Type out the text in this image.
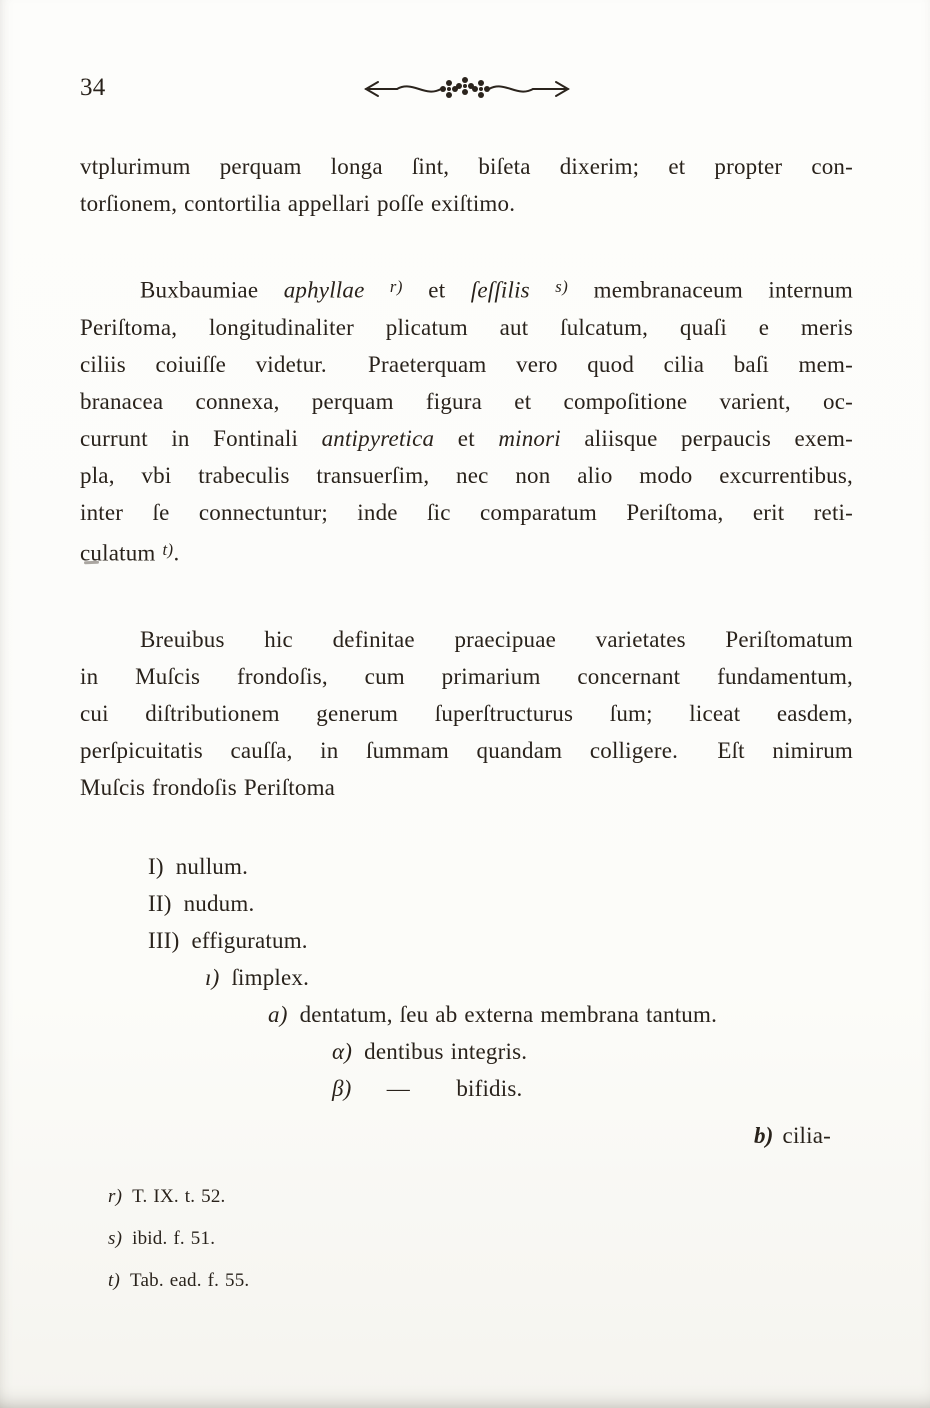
34
vtplurimum perquam longa ſint, biſeta dixerim; et propter con-
torſionem, contortilia appellari poſſe exiſtimo.
Buxbaumiae aphyllae $^{r)}$ et ſeſſilis $^{s)}$ membranaceum internum
Periſtoma, longitudinaliter plicatum aut ſulcatum, quaſi e meris
ciliis coiuiſſe videtur.  Praeterquam vero quod cilia baſi mem-
branacea connexa, perquam figura et compoſitione varient, oc-
currunt in Fontinali antipyretica et minori aliisque perpaucis exem-
pla, vbi trabeculis transuerſim, nec non alio modo excurrentibus,
inter ſe connectuntur; inde ſic comparatum Periſtoma, erit reti-
culatum $^{t)}$.
Breuibus hic definitae praecipuae varietates Periſtomatum
in Muſcis frondoſis, cum primarium concernant fundamentum,
cui diſtributionem generum ſuperſtructurus ſum; liceat easdem,
perſpicuitatis cauſſa, in ſummam quandam colligere.  Eſt nimirum
Muſcis frondoſis Periſtoma
I) nullum.
II) nudum.
III) effiguratum.
ı) ſimplex.
a) dentatum, ſeu ab externa membrana tantum.
α) dentibus integris.
β) —  bifidis.
b) cilia-
r) T. IX. t. 52.
s) ibid. f. 51.
t) Tab. ead. f. 55.
